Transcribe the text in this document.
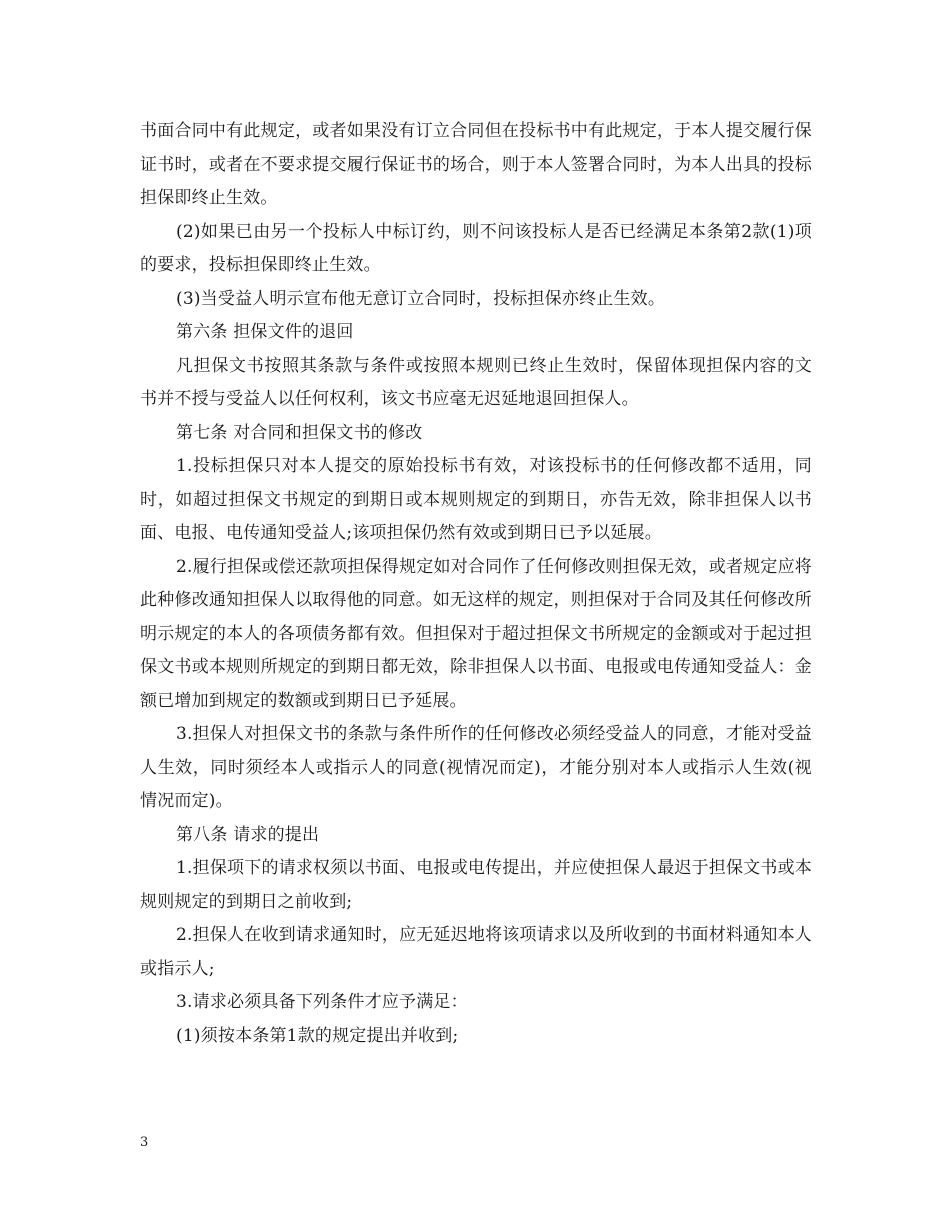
书面合同中有此规定，或者如果没有订立合同但在投标书中有此规定，于本人提交履行保证书时，或者在不要求提交履行保证书的场合，则于本人签署合同时，为本人出具的投标担保即终止生效。

(2)如果已由另一个投标人中标订约，则不问该投标人是否已经满足本条第2款(1)项的要求，投标担保即终止生效。

(3)当受益人明示宣布他无意订立合同时，投标担保亦终止生效。

第六条 担保文件的退回

凡担保文书按照其条款与条件或按照本规则已终止生效时，保留体现担保内容的文书并不授与受益人以任何权利，该文书应毫无迟延地退回担保人。

第七条 对合同和担保文书的修改

1.投标担保只对本人提交的原始投标书有效，对该投标书的任何修改都不适用，同时，如超过担保文书规定的到期日或本规则规定的到期日，亦告无效，除非担保人以书面、电报、电传通知受益人;该项担保仍然有效或到期日已予以延展。

2.履行担保或偿还款项担保得规定如对合同作了任何修改则担保无效，或者规定应将此种修改通知担保人以取得他的同意。如无这样的规定，则担保对于合同及其任何修改所明示规定的本人的各项债务都有效。但担保对于超过担保文书所规定的金额或对于起过担保文书或本规则所规定的到期日都无效，除非担保人以书面、电报或电传通知受益人：金额已增加到规定的数额或到期日已予延展。

3.担保人对担保文书的条款与条件所作的任何修改必须经受益人的同意，才能对受益人生效，同时须经本人或指示人的同意(视情况而定)，才能分别对本人或指示人生效(视情况而定)。

第八条 请求的提出

1.担保项下的请求权须以书面、电报或电传提出，并应使担保人最迟于担保文书或本规则规定的到期日之前收到;

2.担保人在收到请求通知时，应无延迟地将该项请求以及所收到的书面材料通知本人或指示人;

3.请求必须具备下列条件才应予满足：

(1)须按本条第1款的规定提出并收到;

3
